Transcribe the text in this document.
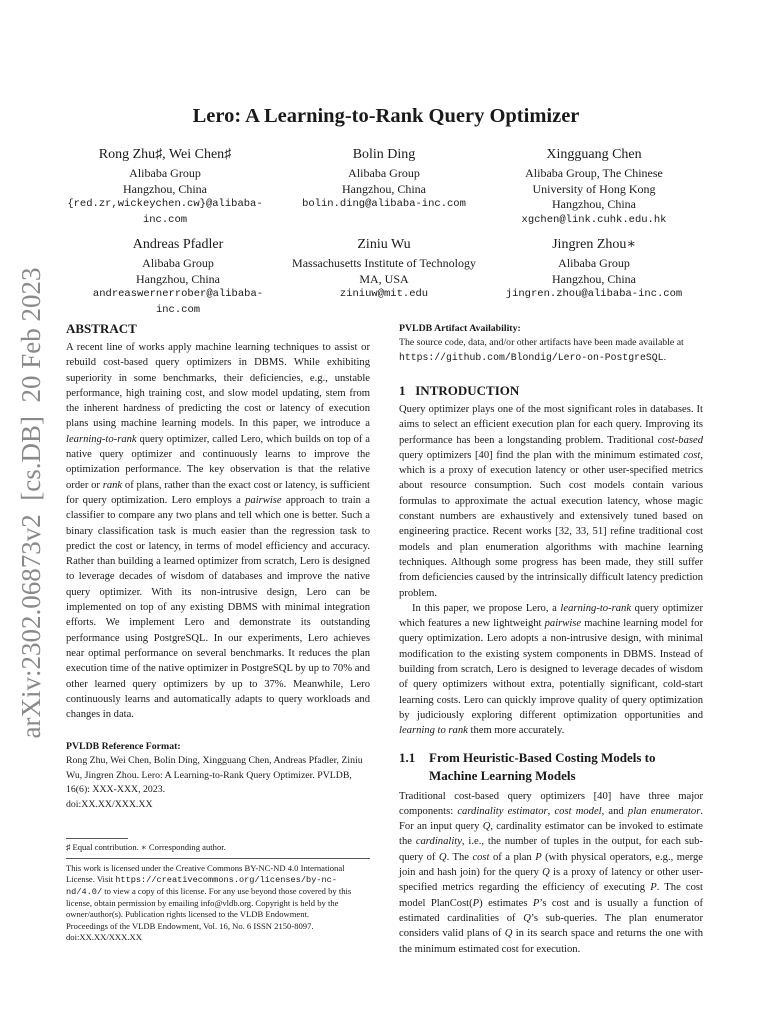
arXiv:2302.06873v2  [cs.DB]  20 Feb 2023
Lero: A Learning-to-Rank Query Optimizer
Rong Zhu♯, Wei Chen♯
Alibaba Group
Hangzhou, China
{red.zr,wickeychen.cw}@alibaba-
inc.com
Bolin Ding
Alibaba Group
Hangzhou, China
bolin.ding@alibaba-inc.com
Xingguang Chen
Alibaba Group, The Chinese
University of Hong Kong
Hangzhou, China
xgchen@link.cuhk.edu.hk
Andreas Pfadler
Alibaba Group
Hangzhou, China
andreaswernerrober@alibaba-
inc.com
Ziniu Wu
Massachusetts Institute of Technology
MA, USA
ziniuw@mit.edu
Jingren Zhou∗
Alibaba Group
Hangzhou, China
jingren.zhou@alibaba-inc.com
ABSTRACT

A recent line of works apply machine learning techniques to assist or rebuild cost-based query optimizers in DBMS. While exhibiting superiority in some benchmarks, their deficiencies, e.g., unstable performance, high training cost, and slow model updating, stem from the inherent hardness of predicting the cost or latency of execution plans using machine learning models. In this paper, we introduce a learning-to-rank query optimizer, called Lero, which builds on top of a native query optimizer and continuously learns to improve the optimization performance. The key observation is that the relative order or rank of plans, rather than the exact cost or latency, is sufficient for query optimization. Lero employs a pairwise approach to train a classifier to compare any two plans and tell which one is better. Such a binary classification task is much easier than the regression task to predict the cost or latency, in terms of model efficiency and accuracy. Rather than building a learned optimizer from scratch, Lero is designed to leverage decades of wisdom of databases and improve the native query optimizer. With its non-intrusive design, Lero can be implemented on top of any existing DBMS with minimal integration efforts. We implement Lero and demonstrate its outstanding performance using PostgreSQL. In our experiments, Lero achieves near optimal performance on several benchmarks. It reduces the plan execution time of the native optimizer in PostgreSQL by up to 70% and other learned query optimizers by up to 37%. Meanwhile, Lero continuously learns and automatically adapts to query workloads and changes in data.

PVLDB Reference Format:
Rong Zhu, Wei Chen, Bolin Ding, Xingguang Chen, Andreas Pfadler, Ziniu Wu, Jingren Zhou. Lero: A Learning-to-Rank Query Optimizer. PVLDB, 16(6): XXX-XXX, 2023.
doi:XX.XX/XXX.XX
♯ Equal contribution. ∗ Corresponding author.
This work is licensed under the Creative Commons BY-NC-ND 4.0 International License. Visit https://creativecommons.org/licenses/by-nc-nd/4.0/ to view a copy of this license. For any use beyond those covered by this license, obtain permission by emailing info@vldb.org. Copyright is held by the owner/author(s). Publication rights licensed to the VLDB Endowment.
Proceedings of the VLDB Endowment, Vol. 16, No. 6 ISSN 2150-8097.
doi:XX.XX/XXX.XX
PVLDB Artifact Availability:
The source code, data, and/or other artifacts have been made available at https://github.com/Blondig/Lero-on-PostgreSQL.
1 INTRODUCTION

Query optimizer plays one of the most significant roles in databases. It aims to select an efficient execution plan for each query. Improving its performance has been a longstanding problem. Traditional cost-based query optimizers [40] find the plan with the minimum estimated cost, which is a proxy of execution latency or other user-specified metrics about resource consumption. Such cost models contain various formulas to approximate the actual execution latency, whose magic constant numbers are exhaustively and extensively tuned based on engineering practice. Recent works [32, 33, 51] refine traditional cost models and plan enumeration algorithms with machine learning techniques. Although some progress has been made, they still suffer from deficiencies caused by the intrinsically difficult latency prediction problem.

In this paper, we propose Lero, a learning-to-rank query optimizer which features a new lightweight pairwise machine learning model for query optimization. Lero adopts a non-intrusive design, with minimal modification to the existing system components in DBMS. Instead of building from scratch, Lero is designed to leverage decades of wisdom of query optimizers without extra, potentially significant, cold-start learning costs. Lero can quickly improve quality of query optimization by judiciously exploring different optimization opportunities and learning to rank them more accurately.

1.1	From Heuristic-Based Costing Models to Machine Learning Models

Traditional cost-based query optimizers [40] have three major components: cardinality estimator, cost model, and plan enumerator. For an input query Q, cardinality estimator can be invoked to estimate the cardinality, i.e., the number of tuples in the output, for each sub-query of Q. The cost of a plan P (with physical operators, e.g., merge join and hash join) for the query Q is a proxy of latency or other user-specified metrics regarding the efficiency of executing P. The cost model PlanCost(P) estimates P’s cost and is usually a function of estimated cardinalities of Q’s sub-queries. The plan enumerator considers valid plans of Q in its search space and returns the one with the minimum estimated cost for execution.
